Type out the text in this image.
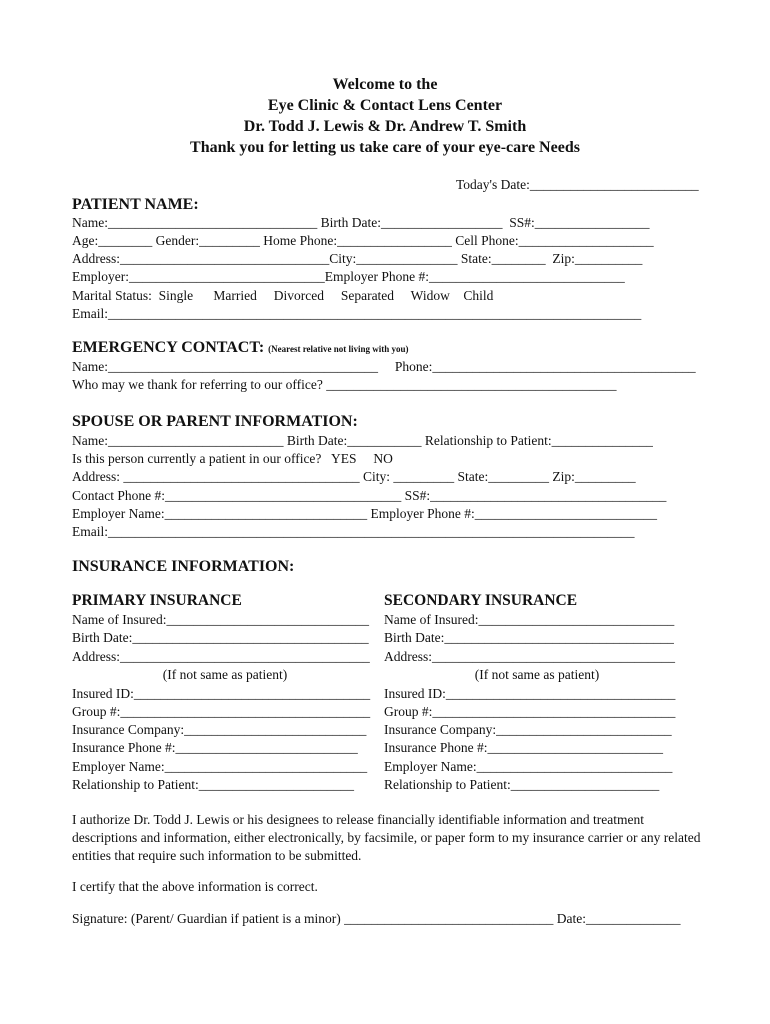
Welcome to the
Eye Clinic & Contact Lens Center
Dr. Todd J. Lewis & Dr. Andrew T. Smith
Thank you for letting us take care of your eye-care Needs
Today's Date:_________________________
PATIENT NAME:
Name:_______________________________ Birth Date:__________________  SS#:_________________
Age:________ Gender:_________ Home Phone:_________________ Cell Phone:____________________
Address:_______________________________City:_______________ State:________  Zip:__________
Employer:_____________________________Employer Phone #:_____________________________
Marital Status:  Single      Married     Divorced     Separated     Widow    Child
Email:_______________________________________________________________________________
EMERGENCY CONTACT: (Nearest relative not living with you)
Name:________________________________________     Phone:_______________________________________
Who may we thank for referring to our office? ___________________________________________
SPOUSE OR PARENT INFORMATION:
Name:__________________________ Birth Date:___________ Relationship to Patient:_______________
Is this person currently a patient in our office?   YES     NO
Address: ___________________________________ City: _________ State:_________ Zip:_________
Contact Phone #:___________________________________ SS#:___________________________________
Employer Name:______________________________ Employer Phone #:___________________________
Email:______________________________________________________________________________
INSURANCE INFORMATION:
PRIMARY INSURANCE	SECONDARY INSURANCE
Name of Insured:______________________________
Birth Date:___________________________________
Address:_____________________________________
(If not same as patient)
Insured ID:___________________________________
Group #:_____________________________________
Insurance Company:___________________________
Insurance Phone #:___________________________
Employer Name:______________________________
Relationship to Patient:_______________________
Name of Insured:_____________________________
Birth Date:__________________________________
Address:____________________________________
(If not same as patient)
Insured ID:__________________________________
Group #:____________________________________
Insurance Company:__________________________
Insurance Phone #:__________________________
Employer Name:_____________________________
Relationship to Patient:______________________
I authorize Dr. Todd J. Lewis or his designees to release financially identifiable information and treatment descriptions and information, either electronically, by facsimile, or paper form to my insurance carrier or any related entities that require such information to be submitted.
I certify that the above information is correct.
Signature: (Parent/ Guardian if patient is a minor) _______________________________ Date:______________
